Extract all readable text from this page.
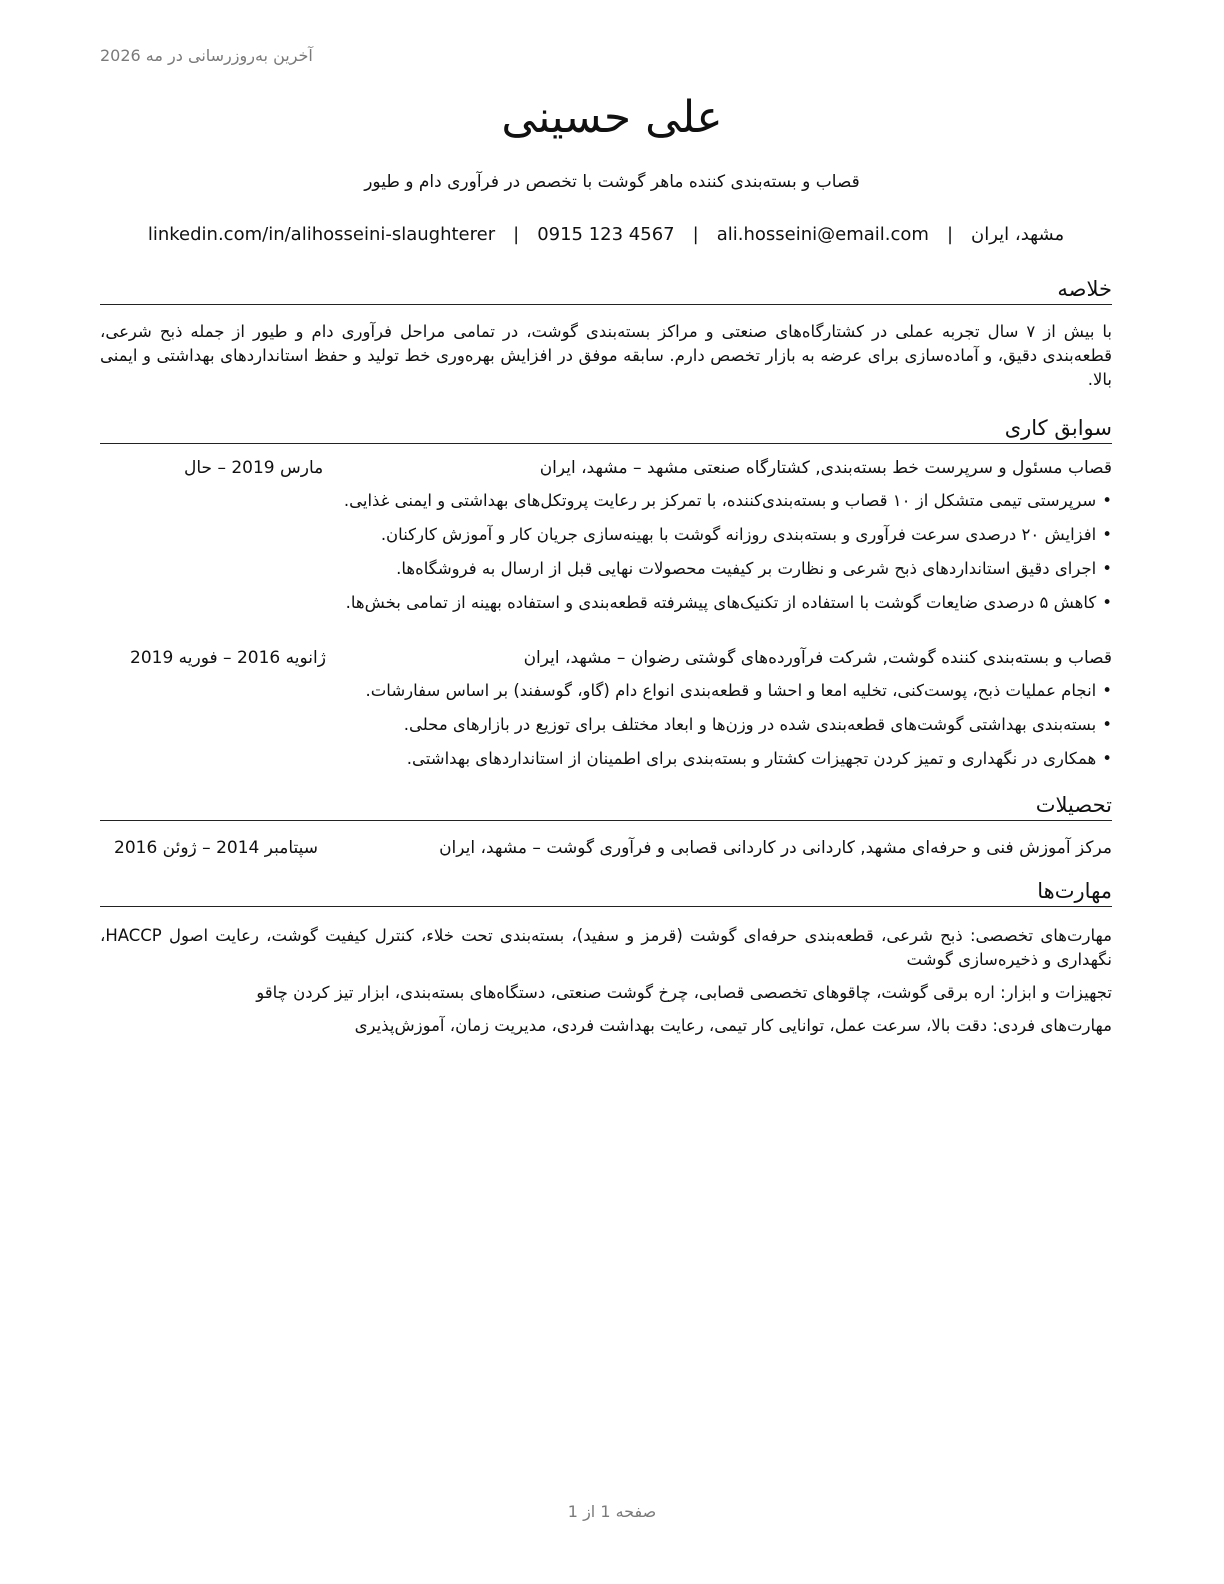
آخرین به‌روزرسانی در مه 2026
علی حسینی
قصاب و بسته‌بندی کننده ماهر گوشت با تخصص در فرآوری دام و طیور
مشهد، ایران
|
ali.hosseini@email.com
|
0915 123 4567
|
linkedin.com/in/alihosseini-slaughterer
خلاصه
با بیش از ۷ سال تجربه عملی در کشتارگاه‌های صنعتی و مراکز بسته‌بندی گوشت، در تمامی مراحل فرآوری دام و طیور از جمله ذبح شرعی، قطعه‌بندی دقیق، و آماده‌سازی برای عرضه به بازار تخصص دارم. سابقه موفق در افزایش بهره‌وری خط تولید و حفظ استانداردهای بهداشتی و ایمنی بالا.
سوابق کاری
قصاب مسئول و سرپرست خط بسته‌بندی, کشتارگاه صنعتی مشهد – مشهد، ایران
مارس 2019 – حال
•سرپرستی تیمی متشکل از ۱۰ قصاب و بسته‌بندی‌کننده، با تمرکز بر رعایت پروتکل‌های بهداشتی و ایمنی غذایی.
•افزایش ۲۰ درصدی سرعت فرآوری و بسته‌بندی روزانه گوشت با بهینه‌سازی جریان کار و آموزش کارکنان.
•اجرای دقیق استانداردهای ذبح شرعی و نظارت بر کیفیت محصولات نهایی قبل از ارسال به فروشگاه‌ها.
•کاهش ۵ درصدی ضایعات گوشت با استفاده از تکنیک‌های پیشرفته قطعه‌بندی و استفاده بهینه از تمامی بخش‌ها.
قصاب و بسته‌بندی کننده گوشت, شرکت فرآورده‌های گوشتی رضوان – مشهد، ایران
ژانویه 2016 – فوریه 2019
•انجام عملیات ذبح، پوست‌کنی، تخلیه امعا و احشا و قطعه‌بندی انواع دام (گاو، گوسفند) بر اساس سفارشات.
•بسته‌بندی بهداشتی گوشت‌های قطعه‌بندی شده در وزن‌ها و ابعاد مختلف برای توزیع در بازارهای محلی.
•همکاری در نگهداری و تمیز کردن تجهیزات کشتار و بسته‌بندی برای اطمینان از استانداردهای بهداشتی.
تحصیلات
مرکز آموزش فنی و حرفه‌ای مشهد, کاردانی در کاردانی قصابی و فرآوری گوشت – مشهد، ایران
سپتامبر 2014 – ژوئن 2016
مهارت‌ها
مهارت‌های تخصصی: ذبح شرعی، قطعه‌بندی حرفه‌ای گوشت (قرمز و سفید)، بسته‌بندی تحت خلاء، کنترل کیفیت گوشت، رعایت اصول HACCP، نگهداری و ذخیره‌سازی گوشت
تجهیزات و ابزار: اره برقی گوشت، چاقوهای تخصصی قصابی، چرخ گوشت صنعتی، دستگاه‌های بسته‌بندی، ابزار تیز کردن چاقو
مهارت‌های فردی: دقت بالا، سرعت عمل، توانایی کار تیمی، رعایت بهداشت فردی، مدیریت زمان، آموزش‌پذیری
صفحه 1 از 1
